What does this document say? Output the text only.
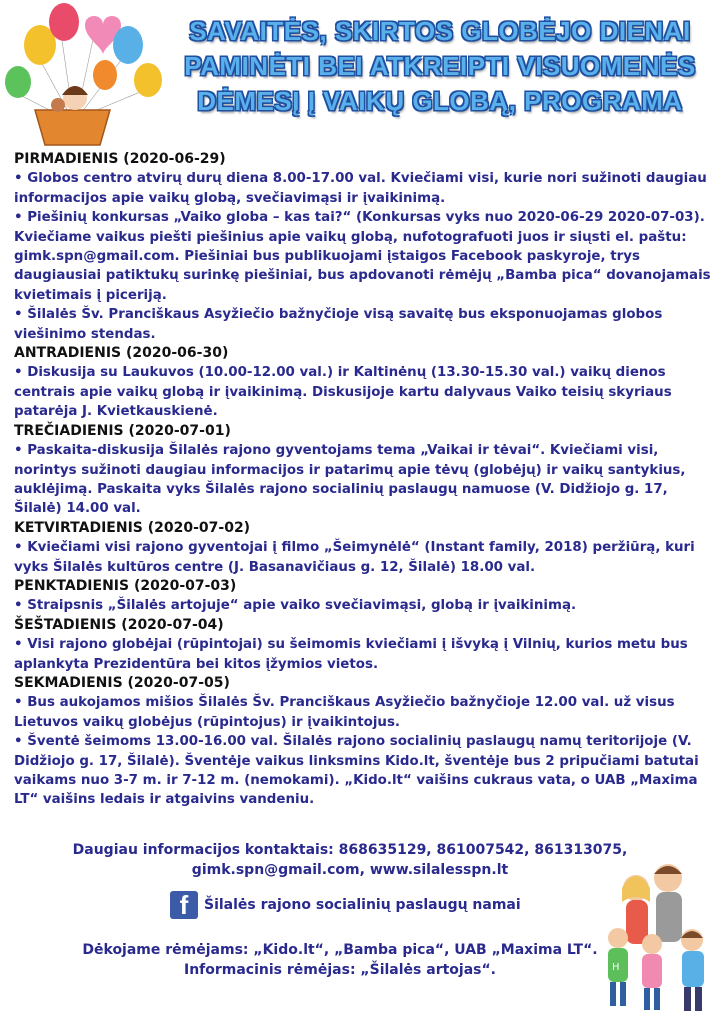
SAVAITĖS, SKIRTOS GLOBĖJO DIENAI
PAMINĖTI BEI ATKREIPTI VISUOMENĖS
DĖMESĮ Į VAIKŲ GLOBĄ, PROGRAMA
PIRMADIENIS (2020-06-29)

• Globos centro atvirų durų diena 8.00-17.00 val. Kviečiami visi, kurie nori sužinoti daugiau informacijos apie vaikų globą, svečiavimąsi ir įvaikinimą.

• Piešinių konkursas „Vaiko globa – kas tai?“ (Konkursas vyks nuo 2020-06-29 2020-07-03). Kviečiame vaikus piešti piešinius apie vaikų globą, nufotografuoti juos ir siųsti el. paštu: gimk.spn@gmail.com. Piešiniai bus publikuojami įstaigos Facebook paskyroje, trys daugiausiai patiktukų surinkę piešiniai, bus apdovanoti rėmėjų „Bamba pica“ dovanojamais kvietimais į piceriją.

• Šilalės Šv. Pranciškaus Asyžiečio bažnyčioje visą savaitę bus eksponuojamas globos viešinimo stendas.

ANTRADIENIS (2020-06-30)

• Diskusija su Laukuvos (10.00-12.00 val.) ir Kaltinėnų (13.30-15.30 val.) vaikų dienos centrais apie vaikų globą ir įvaikinimą. Diskusijoje kartu dalyvaus Vaiko teisių skyriaus patarėja J. Kvietkauskienė.

TREČIADIENIS (2020-07-01)

• Paskaita-diskusija Šilalės rajono gyventojams tema „Vaikai ir tėvai“. Kviečiami visi, norintys sužinoti daugiau informacijos ir patarimų apie tėvų (globėjų) ir vaikų santykius, auklėjimą. Paskaita vyks Šilalės rajono socialinių paslaugų namuose (V. Didžiojo g. 17, Šilalė) 14.00 val.

KETVIRTADIENIS (2020-07-02)

• Kviečiami visi rajono gyventojai į filmo „Šeimynėlė“ (Instant family, 2018) peržiūrą, kuri vyks Šilalės kultūros centre (J. Basanavičiaus g. 12, Šilalė) 18.00 val.

PENKTADIENIS (2020-07-03)

• Straipsnis „Šilalės artojuje“ apie vaiko svečiavimąsi, globą ir įvaikinimą.

ŠEŠTADIENIS (2020-07-04)

• Visi rajono globėjai (rūpintojai) su šeimomis kviečiami į išvyką į Vilnių, kurios metu bus aplankyta Prezidentūra bei kitos įžymios vietos.

SEKMADIENIS (2020-07-05)

• Bus aukojamos mišios Šilalės Šv. Pranciškaus Asyžiečio bažnyčioje 12.00 val. už visus Lietuvos vaikų globėjus (rūpintojus) ir įvaikintojus.

• Šventė šeimoms 13.00-16.00 val. Šilalės rajono socialinių paslaugų namų teritorijoje (V. Didžiojo g. 17, Šilalė). Šventėje vaikus linksmins Kido.lt, šventėje bus 2 pripučiami batutai vaikams nuo 3-7 m. ir 7-12 m. (nemokami). „Kido.lt“ vaišins cukraus vata, o UAB „Maxima LT“ vaišins ledais ir atgaivins vandeniu.

Daugiau informacijos kontaktais: 868635129, 861007542, 861313075,
gimk.spn@gmail.com, www.silalesspn.lt
f	Šilalės rajono socialinių paslaugų namai
Dėkojame rėmėjams: „Kido.lt“, „Bamba pica“, UAB „Maxima LT“.
Informacinis rėmėjas: „Šilalės artojas“.	H
